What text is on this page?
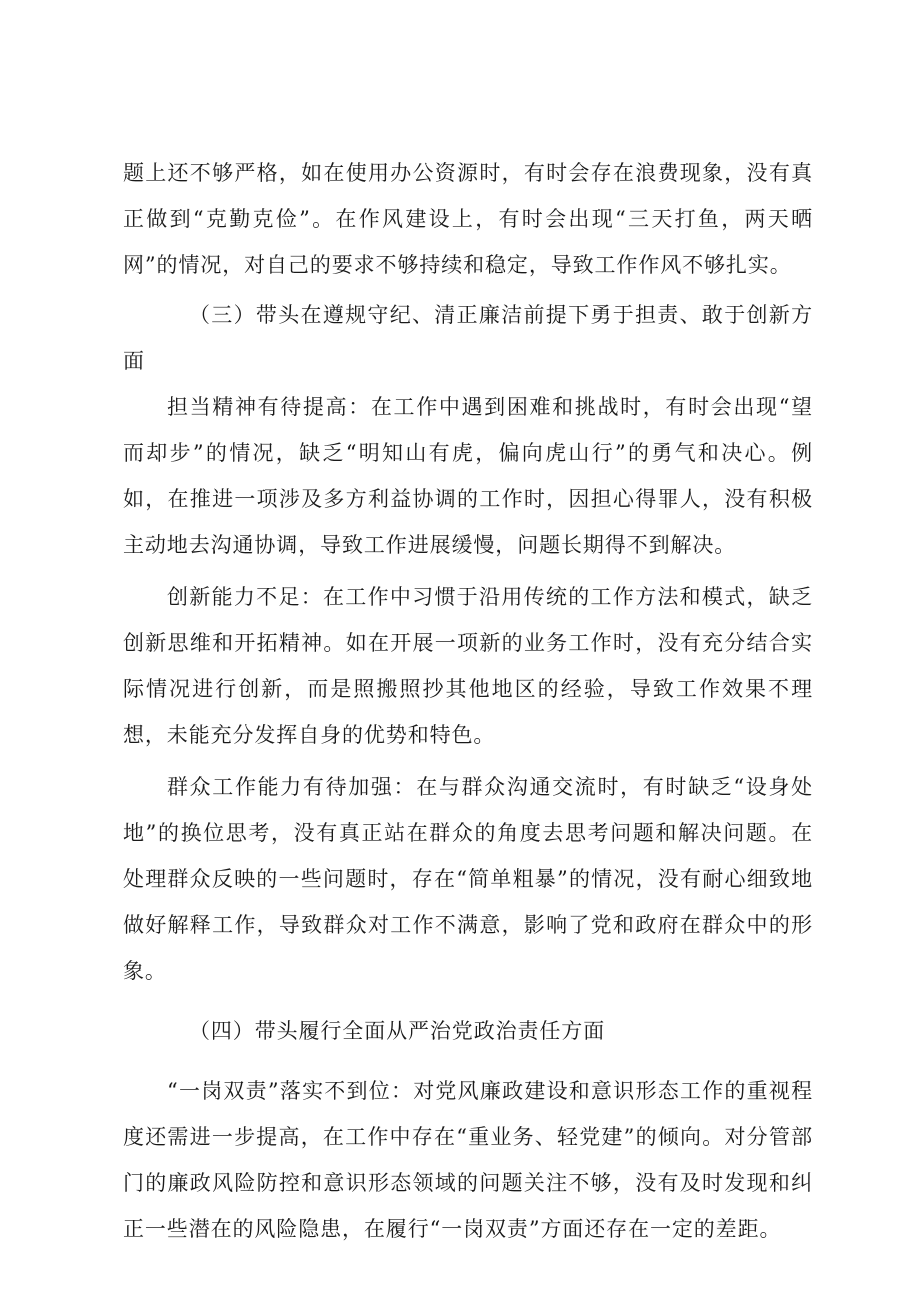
题上还不够严格，如在使用办公资源时，有时会存在浪费现象，没有真正做到“克勤克俭”。在作风建设上，有时会出现“三天打鱼，两天晒网”的情况，对自己的要求不够持续和稳定，导致工作作风不够扎实。

（三）带头在遵规守纪、清正廉洁前提下勇于担责、敢于创新方面

担当精神有待提高：在工作中遇到困难和挑战时，有时会出现“望而却步”的情况，缺乏“明知山有虎，偏向虎山行”的勇气和决心。例如，在推进一项涉及多方利益协调的工作时，因担心得罪人，没有积极主动地去沟通协调，导致工作进展缓慢，问题长期得不到解决。

创新能力不足：在工作中习惯于沿用传统的工作方法和模式，缺乏创新思维和开拓精神。如在开展一项新的业务工作时，没有充分结合实际情况进行创新，而是照搬照抄其他地区的经验，导致工作效果不理想，未能充分发挥自身的优势和特色。

群众工作能力有待加强：在与群众沟通交流时，有时缺乏“设身处地”的换位思考，没有真正站在群众的角度去思考问题和解决问题。在处理群众反映的一些问题时，存在“简单粗暴”的情况，没有耐心细致地做好解释工作，导致群众对工作不满意，影响了党和政府在群众中的形象。

（四）带头履行全面从严治党政治责任方面

“一岗双责”落实不到位：对党风廉政建设和意识形态工作的重视程度还需进一步提高，在工作中存在“重业务、轻党建”的倾向。对分管部门的廉政风险防控和意识形态领域的问题关注不够，没有及时发现和纠正一些潜在的风险隐患，在履行“一岗双责”方面还存在一定的差距。
